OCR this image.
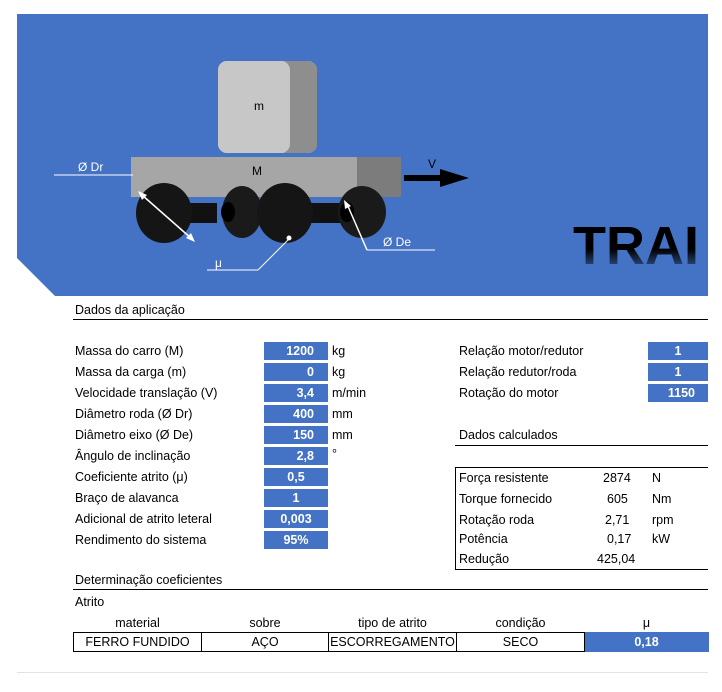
m
M	V
Ø Dr
Ø De
μ	TRAI
Dados da aplicação
Massa do carro (M)	1200	kg
Massa da carga (m)	0	kg
Velocidade translação (V)	3,4	m/min
Diâmetro roda (Ø Dr)	400	mm
Diâmetro eixo (Ø De)	150	mm
Ângulo de inclinação	2,8	°
Coeficiente atrito (μ)	0,5
Braço de alavanca	1
Adicional de atrito leteral	0,003
Rendimento do sistema	95%
Relação motor/redutor	1
Relação redutor/roda	1
Rotação do motor	1150
Dados calculados
Força resistente	2874 N
Torque fornecido	605 Nm
Rotação roda	2,71 rpm
Potência	0,17 kW
Redução	425,04
Determinação coeficientes
Atrito
material	sobre	tipo de atrito	condição	μ
FERRO FUNDIDO	AÇO	ESCORREGAMENTO	SECO	0,18
